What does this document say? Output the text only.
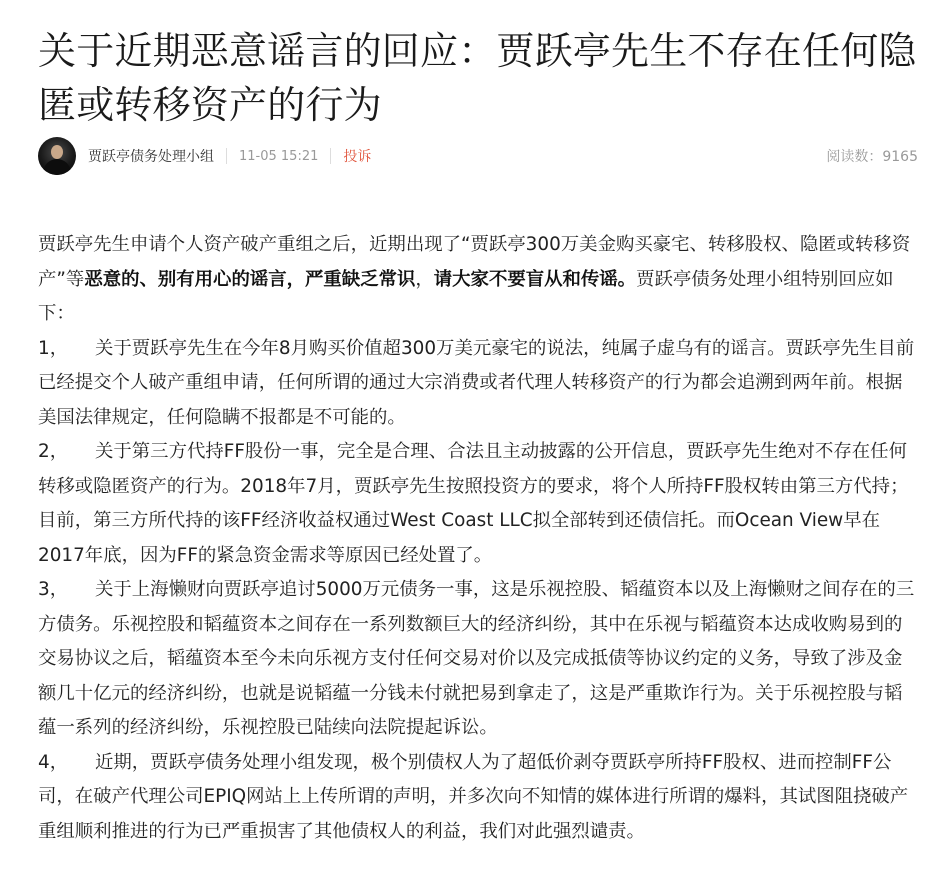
关于近期恶意谣言的回应：贾跃亭先生不存在任何隐匿或转移资产的行为
贾跃亭债务处理小组 11-05 15:21 投诉	阅读数：9165

贾跃亭先生申请个人资产破产重组之后，近期出现了“贾跃亭300万美金购买豪宅、转移股权、隐匿或转移资产”等恶意的、别有用心的谣言，严重缺乏常识，请大家不要盲从和传谣。贾跃亭债务处理小组特别回应如下：

1， 关于贾跃亭先生在今年8月购买价值超300万美元豪宅的说法，纯属子虚乌有的谣言。贾跃亭先生目前已经提交个人破产重组申请，任何所谓的通过大宗消费或者代理人转移资产的行为都会追溯到两年前。根据美国法律规定，任何隐瞒不报都是不可能的。

2， 关于第三方代持FF股份一事，完全是合理、合法且主动披露的公开信息，贾跃亭先生绝对不存在任何转移或隐匿资产的行为。2018年7月，贾跃亭先生按照投资方的要求，将个人所持FF股权转由第三方代持；目前，第三方所代持的该FF经济收益权通过West Coast LLC拟全部转到还债信托。而Ocean View早在2017年底，因为FF的紧急资金需求等原因已经处置了。

3， 关于上海懒财向贾跃亭追讨5000万元债务一事，这是乐视控股、韬蕴资本以及上海懒财之间存在的三方债务。乐视控股和韬蕴资本之间存在一系列数额巨大的经济纠纷，其中在乐视与韬蕴资本达成收购易到的交易协议之后，韬蕴资本至今未向乐视方支付任何交易对价以及完成抵债等协议约定的义务，导致了涉及金额几十亿元的经济纠纷，也就是说韬蕴一分钱未付就把易到拿走了，这是严重欺诈行为。关于乐视控股与韬蕴一系列的经济纠纷，乐视控股已陆续向法院提起诉讼。

4， 近期，贾跃亭债务处理小组发现，极个别债权人为了超低价剥夺贾跃亭所持FF股权、进而控制FF公司，在破产代理公司EPIQ网站上上传所谓的声明，并多次向不知情的媒体进行所谓的爆料，其试图阻挠破产重组顺利推进的行为已严重损害了其他债权人的利益，我们对此强烈谴责。
